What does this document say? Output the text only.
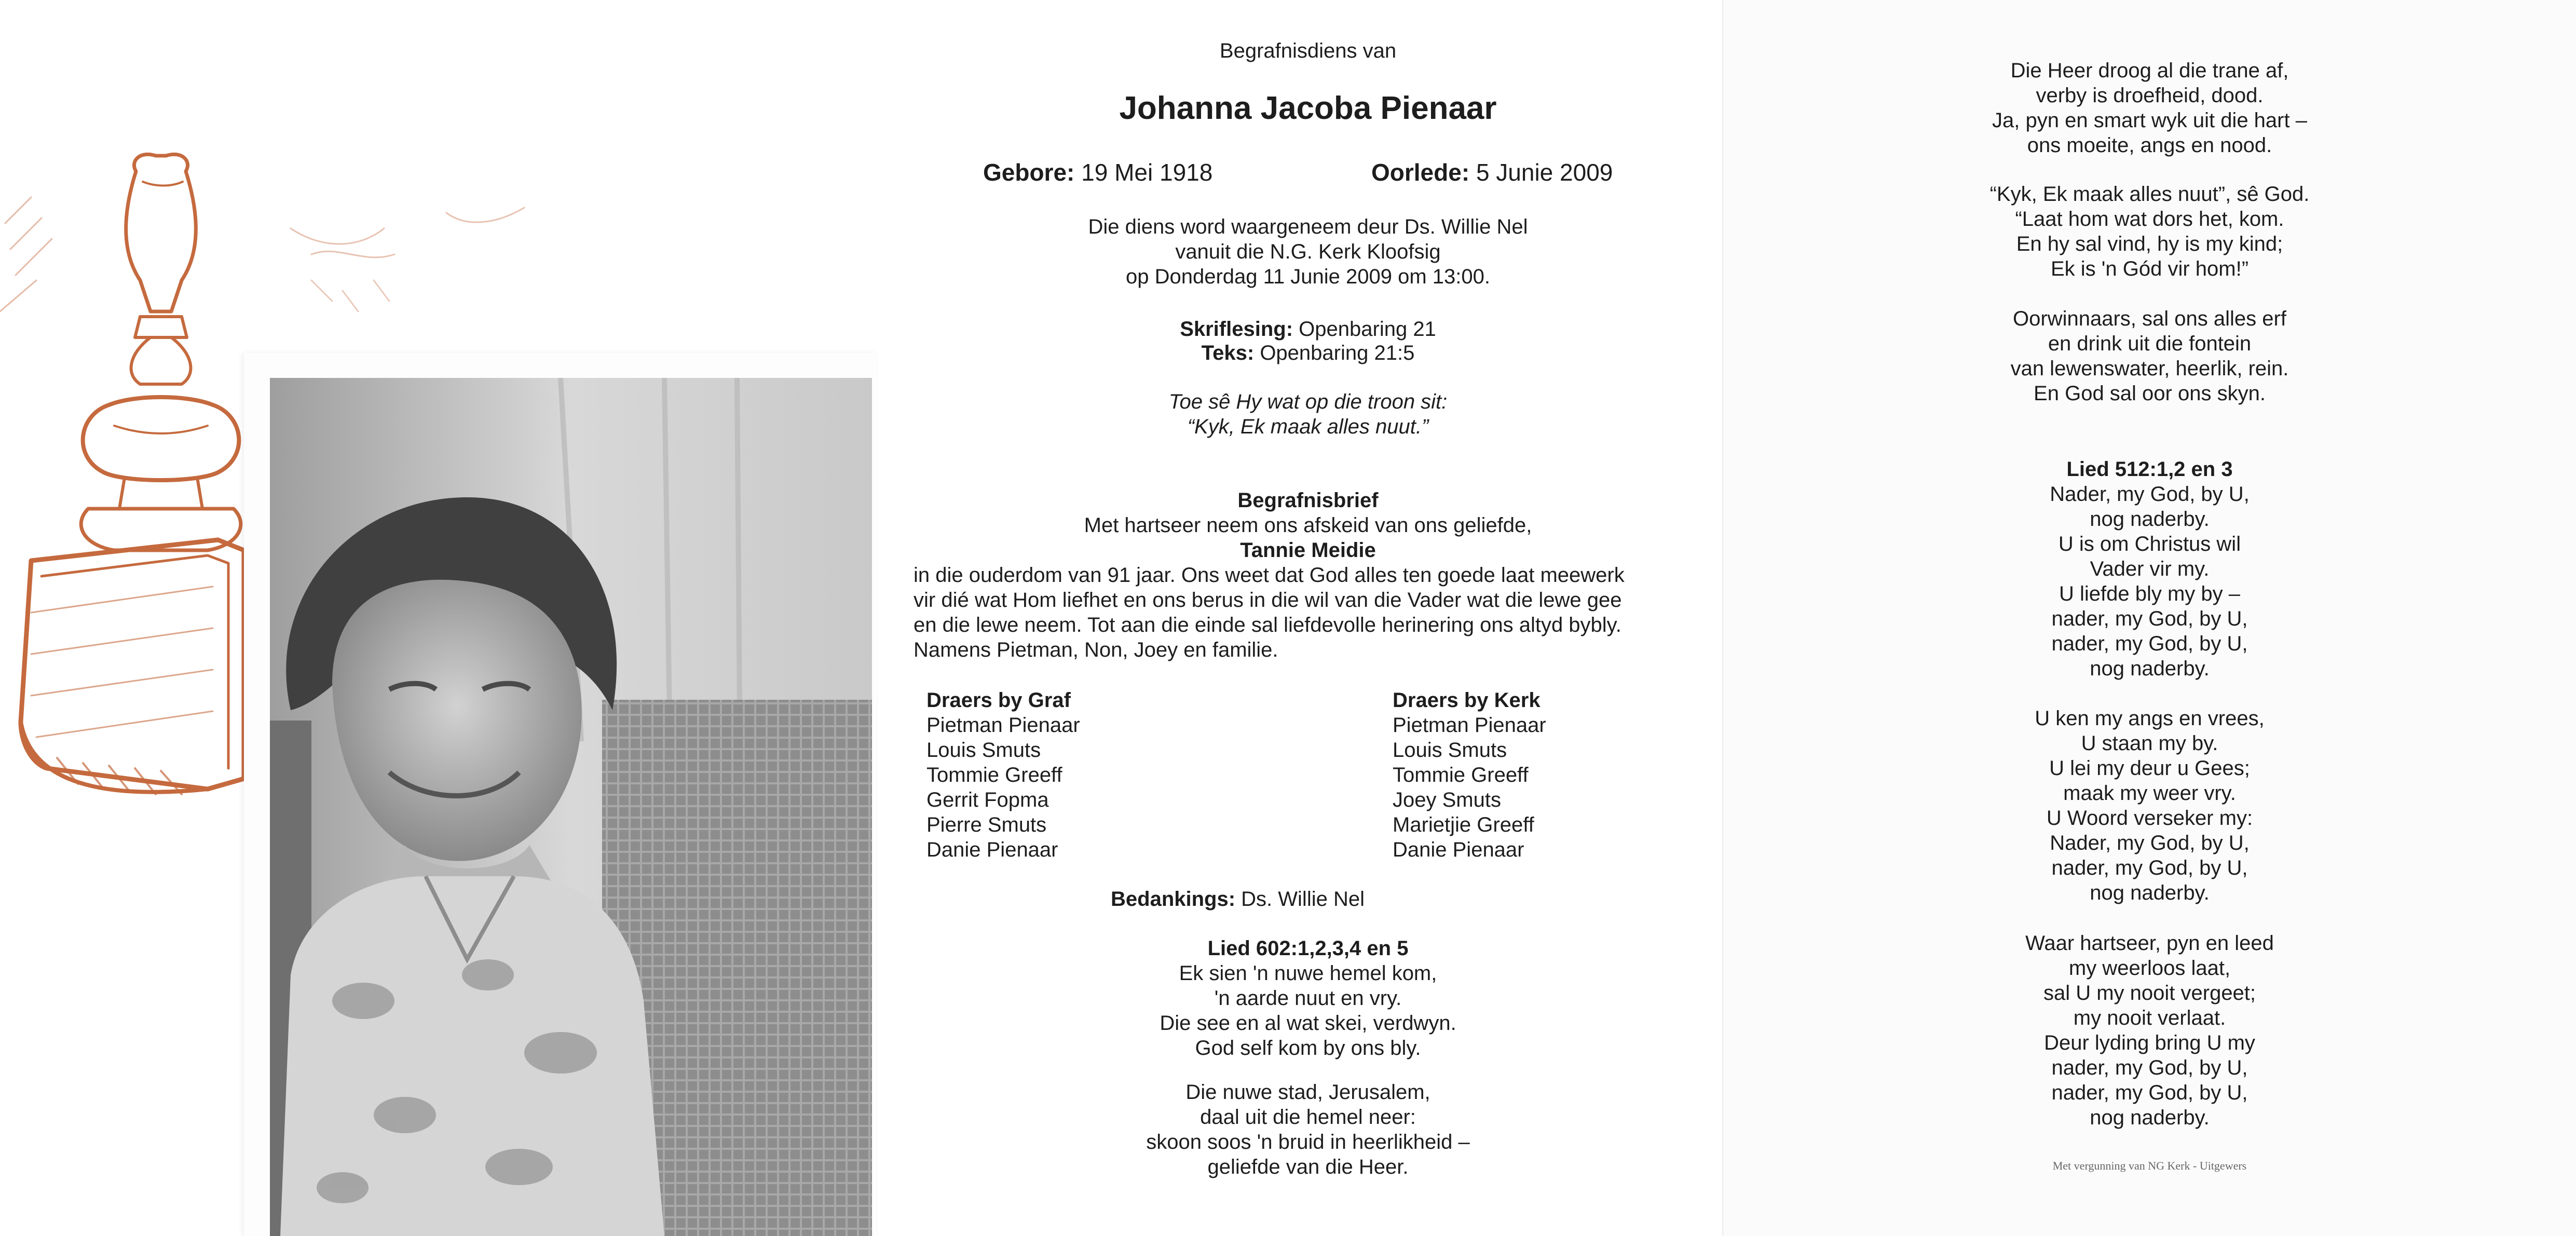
Begrafnisdiens van
Johanna Jacoba Pienaar
Gebore: 19 Mei 1918	Oorlede: 5 Junie 2009
Die diens word waargeneem deur Ds. Willie Nel
vanuit die N.G. Kerk Kloofsig
op Donderdag 11 Junie 2009 om 13:00.
Skriflesing: Openbaring 21
Teks: Openbaring 21:5
Toe sê Hy wat op die troon sit:
“Kyk, Ek maak alles nuut.”
Begrafnisbrief
Met hartseer neem ons afskeid van ons geliefde,
Tannie Meidie
in die ouderdom van 91 jaar. Ons weet dat God alles ten goede laat meewerk
vir dié wat Hom liefhet en ons berus in die wil van die Vader wat die lewe gee
en die lewe neem. Tot aan die einde sal liefdevolle herinering ons altyd bybly.
Namens Pietman, Non, Joey en familie.
Draers by Graf
Pietman Pienaar
Louis Smuts
Tommie Greeff
Gerrit Fopma
Pierre Smuts
Danie Pienaar
Draers by Kerk
Pietman Pienaar
Louis Smuts
Tommie Greeff
Joey Smuts
Marietjie Greeff
Danie Pienaar
Bedankings: Ds. Willie Nel
Lied 602:1,2,3,4 en 5
Ek sien 'n nuwe hemel kom,
'n aarde nuut en vry.
Die see en al wat skei, verdwyn.
God self kom by ons bly.
Die nuwe stad, Jerusalem,
daal uit die hemel neer:
skoon soos 'n bruid in heerlikheid –
geliefde van die Heer.
Die Heer droog al die trane af,
verby is droefheid, dood.
Ja, pyn en smart wyk uit die hart –
ons moeite, angs en nood.
“Kyk, Ek maak alles nuut”, sê God.
“Laat hom wat dors het, kom.
En hy sal vind, hy is my kind;
Ek is 'n Gód vir hom!”
Oorwinnaars, sal ons alles erf
en drink uit die fontein
van lewenswater, heerlik, rein.
En God sal oor ons skyn.
Lied 512:1,2 en 3
Nader, my God, by U,
nog naderby.
U is om Christus wil
Vader vir my.
U liefde bly my by –
nader, my God, by U,
nader, my God, by U,
nog naderby.
U ken my angs en vrees,
U staan my by.
U lei my deur u Gees;
maak my weer vry.
U Woord verseker my:
Nader, my God, by U,
nader, my God, by U,
nog naderby.
Waar hartseer, pyn en leed
my weerloos laat,
sal U my nooit vergeet;
my nooit verlaat.
Deur lyding bring U my
nader, my God, by U,
nader, my God, by U,
nog naderby.
Met vergunning van NG Kerk - Uitgewers
